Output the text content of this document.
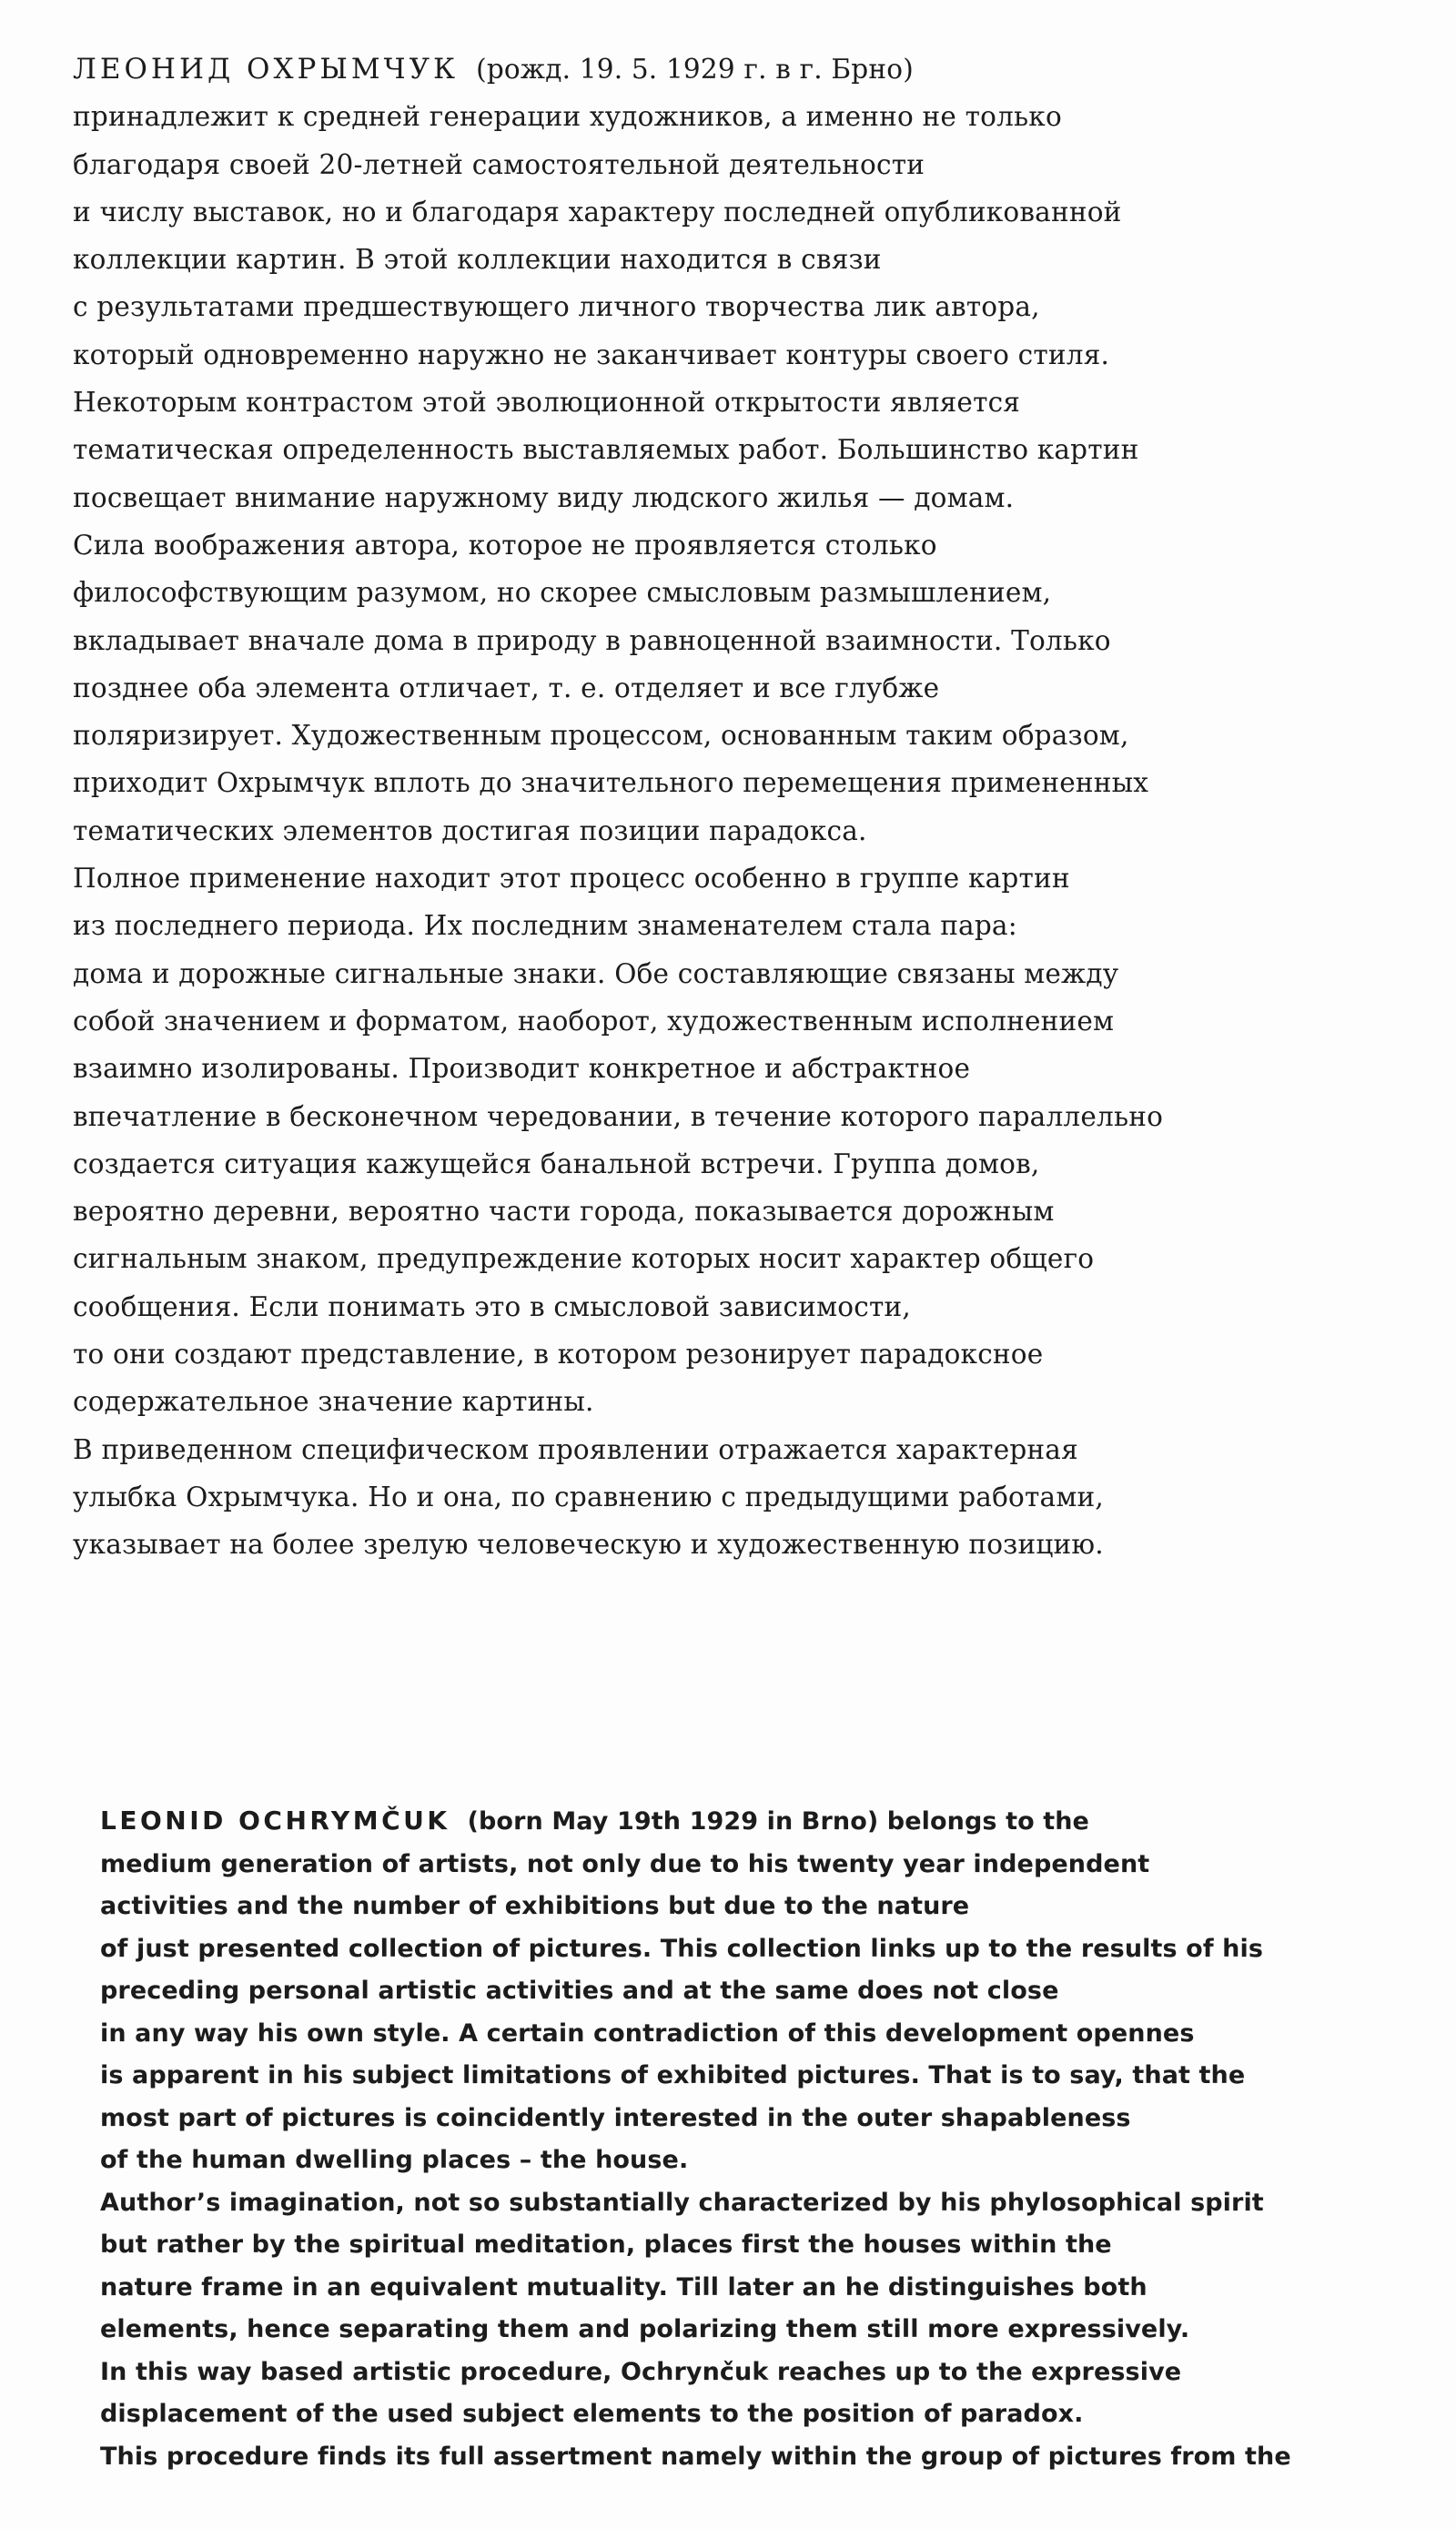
ЛЕОНИД ОХРЫМЧУК (рожд. 19. 5. 1929 г. в г. Брно)
принадлежит к средней генерации художников, а именно не только
благодаря своей 20-летней самостоятельной деятельности
и числу выставок, но и благодаря характеру последней опубликованной
коллекции картин. В этой коллекции находится в связи
с результатами предшествующего личного творчества лик автора,
который одновременно наружно не заканчивает контуры своего стиля.
Некоторым контрастом этой эволюционной открытости является
тематическая определенность выставляемых работ. Большинство картин
посвещает внимание наружному виду людского жилья — домам.
Сила воображения автора, которое не проявляется столько
философствующим разумом, но скорее смысловым размышлением,
вкладывает вначале дома в природу в равноценной взаимности. Только
позднее оба элемента отличает, т. е. отделяет и все глубже
поляризирует. Художественным процессом, основанным таким образом,
приходит Охрымчук вплоть до значительного перемещения примененных
тематических элементов достигая позиции парадокса.
Полное применение находит этот процесс особенно в группе картин
из последнего периода. Их последним знаменателем стала пара:
дома и дорожные сигнальные знаки. Обе составляющие связаны между
собой значением и форматом, наоборот, художественным исполнением
взаимно изолированы. Производит конкретное и абстрактное
впечатление в бесконечном чередовании, в течение которого параллельно
создается ситуация кажущейся банальной встречи. Группа домов,
вероятно деревни, вероятно части города, показывается дорожным
сигнальным знаком, предупреждение которых носит характер общего
сообщения. Если понимать это в смысловой зависимости,
то они создают представление, в котором резонирует парадоксное
содержательное значение картины.
В приведенном специфическом проявлении отражается характерная
улыбка Охрымчука. Но и она, по сравнению с предыдущими работами,
указывает на более зрелую человеческую и художественную позицию.
LEONID OCHRYMČUK (born May 19th 1929 in Brno) belongs to the
medium generation of artists, not only due to his twenty year independent
activities and the number of exhibitions but due to the nature
of just presented collection of pictures. This collection links up to the results of his
preceding personal artistic activities and at the same does not close
in any way his own style. A certain contradiction of this development opennes
is apparent in his subject limitations of exhibited pictures. That is to say, that the
most part of pictures is coincidently interested in the outer shapableness
of the human dwelling places – the house.
Author’s imagination, not so substantially characterized by his phylosophical spirit
but rather by the spiritual meditation, places first the houses within the
nature frame in an equivalent mutuality. Till later an he distinguishes both
elements, hence separating them and polarizing them still more expressively.
In this way based artistic procedure, Ochrynčuk reaches up to the expressive
displacement of the used subject elements to the position of paradox.
This procedure finds its full assertment namely within the group of pictures from the
